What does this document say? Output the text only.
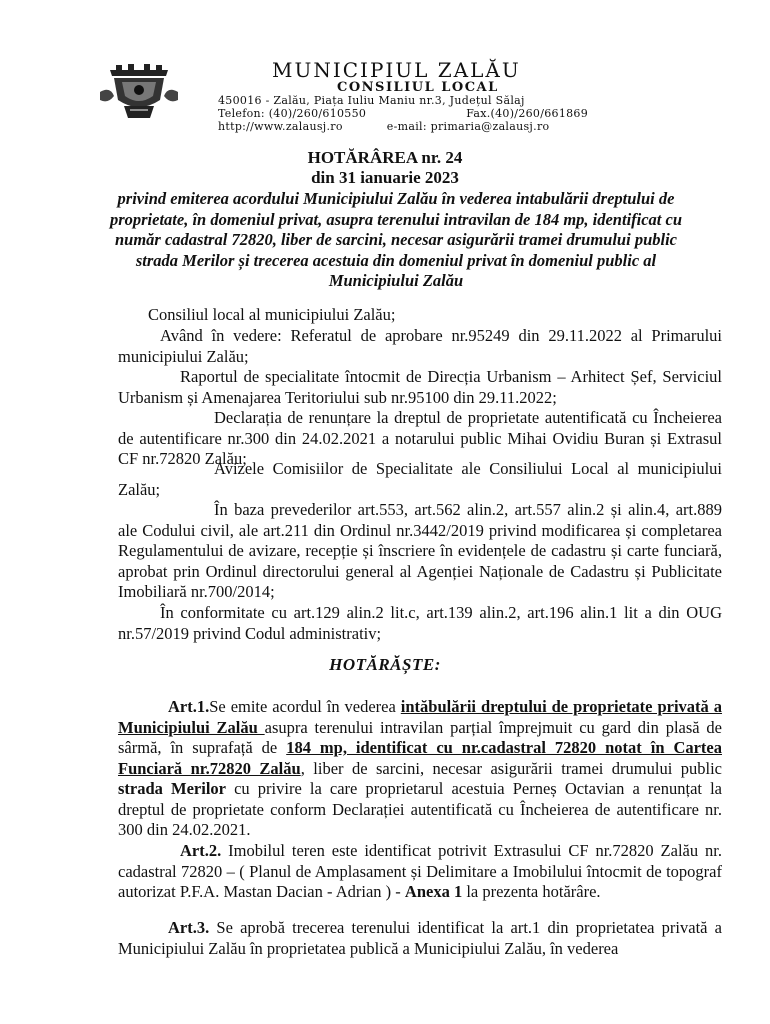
MUNICIPIUL ZALĂU
CONSILIUL LOCAL
450016 - Zalău, Piața Iuliu Maniu nr.3, Județul Sălaj
Telefon: (40)/260/610550	Fax.(40)/260/661869
http://www.zalausj.ro	e-mail: primaria@zalausj.ro
HOTĂRÂREA nr. 24
din 31 ianuarie 2023
privind emiterea acordului Municipiului Zalău în vederea intabulării dreptului de proprietate, în domeniul privat, asupra terenului intravilan de 184 mp, identificat cu număr cadastral 72820, liber de sarcini, necesar asigurării tramei drumului public strada Merilor și trecerea acestuia din domeniul privat în domeniul public al Municipiului Zalău
Consiliul local al municipiului Zalău;
Având în vedere: Referatul de aprobare nr.95249 din 29.11.2022 al Primarului municipiului Zalău;
Raportul de specialitate întocmit de Direcția Urbanism – Arhitect Șef, Serviciul Urbanism și Amenajarea Teritoriului sub nr.95100 din 29.11.2022;
Declarația de renunțare la dreptul de proprietate autentificată cu Încheierea de autentificare nr.300 din 24.02.2021 a notarului public Mihai Ovidiu Buran și Extrasul CF nr.72820 Zalău;
Avizele Comisiilor de Specialitate ale Consiliului Local al municipiului Zalău;
În baza prevederilor art.553, art.562 alin.2, art.557 alin.2 și alin.4, art.889 ale Codului civil, ale art.211 din Ordinul nr.3442/2019 privind modificarea și completarea Regulamentului de avizare, recepție și înscriere în evidențele de cadastru și carte funciară, aprobat prin Ordinul directorului general al Agenției Naționale de Cadastru și Publicitate Imobiliară nr.700/2014;
În conformitate cu art.129 alin.2 lit.c, art.139 alin.2, art.196 alin.1 lit a din OUG nr.57/2019 privind Codul administrativ;
HOTĂRĂȘTE:
Art.1.Se emite acordul în vederea intăbulării dreptului de proprietate privată a Municipiului Zalău asupra terenului intravilan parțial împrejmuit cu gard din plasă de sârmă, în suprafață de 184 mp, identificat cu nr.cadastral 72820 notat în Cartea Funciară nr.72820 Zalău, liber de sarcini, necesar asigurării tramei drumului public strada Merilor cu privire la care proprietarul acestuia Perneș Octavian a renunțat la dreptul de proprietate conform Declarației autentificată cu Încheierea de autentificare nr. 300 din 24.02.2021.
Art.2. Imobilul teren este identificat potrivit Extrasului CF nr.72820 Zalău nr. cadastral 72820 – ( Planul de Amplasament și Delimitare a Imobilului întocmit de topograf autorizat P.F.A. Mastan Dacian - Adrian ) - Anexa 1 la prezenta hotărâre.
Art.3. Se aprobă trecerea terenului identificat la art.1 din proprietatea privată a Municipiului Zalău în proprietatea publică a Municipiului Zalău, în vederea
